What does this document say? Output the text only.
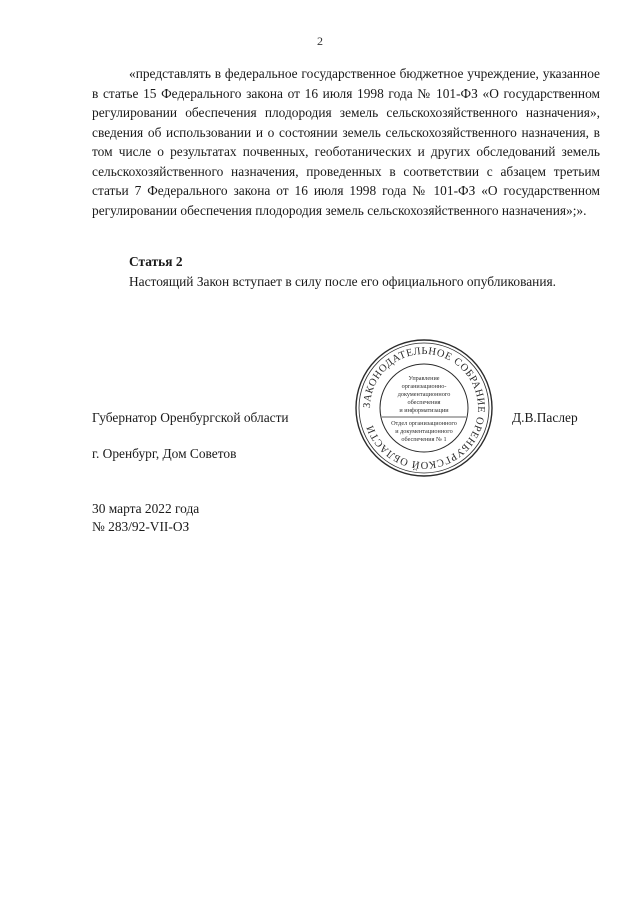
2

«представлять в федеральное государственное бюджетное учреждение, указанное в статье 15 Федерального закона от 16 июля 1998 года № 101-ФЗ «О государственном регулировании обеспечения плодородия земель сельскохозяйственного назначения», сведения об использовании и о состоянии земель сельскохозяйственного назначения, в том числе о результатах почвенных, геоботанических и других обследований земель сельскохозяйственного назначения, проведенных в соответствии с абзацем третьим статьи 7 Федерального закона от 16 июля 1998 года № 101-ФЗ «О государственном регулировании обеспечения плодородия земель сельскохозяйственного назначения»;».

Статья 2

Настоящий Закон вступает в силу после его официального опубликования.

Губернатор Оренбургской области	Д.В.Паслер
г. Оренбург, Дом Советов
ЗАКОНОДАТЕЛЬНОЕ СОБРАНИЕ ОРЕНБУРГСКОЙ ОБЛАСТИ
Управление
организационно-
документационного
обеспечения
и информатизации
Отдел организационного
и документационного
обеспечения № 1
30 марта 2022 года
№ 283/92-VII-ОЗ
